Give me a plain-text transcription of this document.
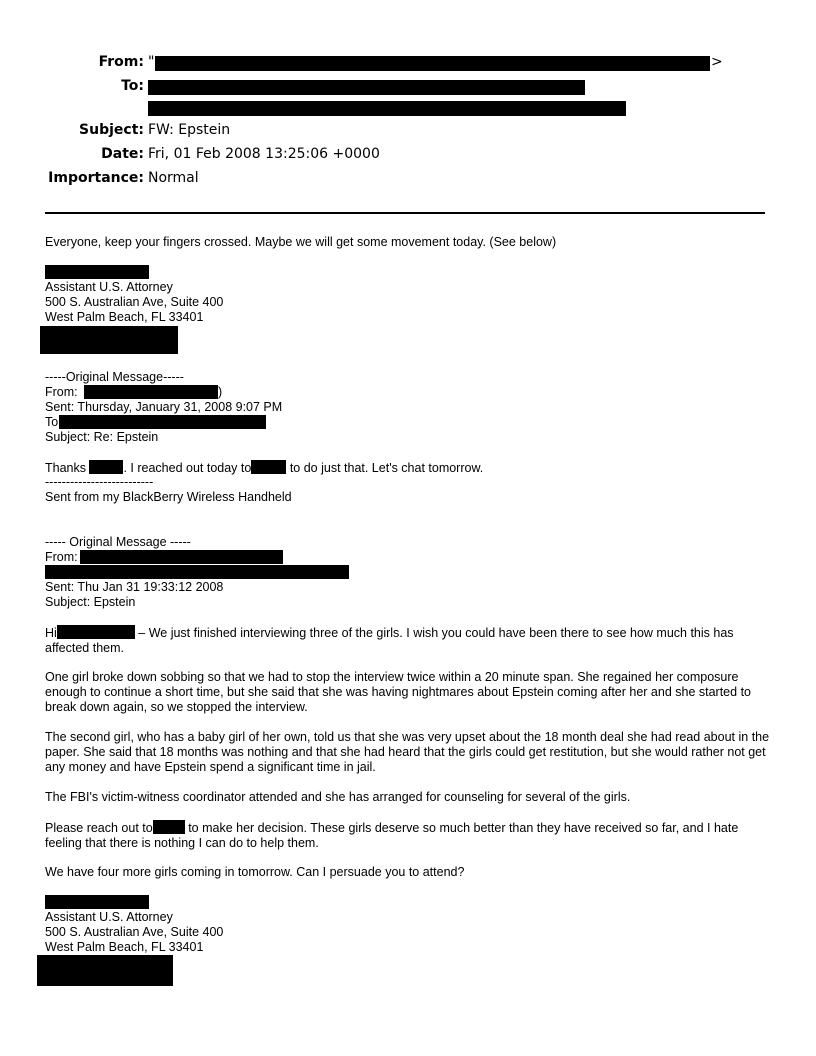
From: "	>
To:
Subject: FW: Epstein
Date: Fri, 01 Feb 2008 13:25:06 +0000
Importance: Normal
Everyone, keep your fingers crossed. Maybe we will get some movement today. (See below)
Assistant U.S. Attorney
500 S. Australian Ave, Suite 400
West Palm Beach, FL 33401
-----Original Message-----
From:	)
Sent: Thursday, January 31, 2008 9:07 PM
To
Subject: Re: Epstein
Thanks	. I reached out today to	to do just that. Let's chat tomorrow.
--------------------------
Sent from my BlackBerry Wireless Handheld
----- Original Message -----
From:
Sent: Thu Jan 31 19:33:12 2008
Subject: Epstein
Hi	– We just finished interviewing three of the girls. I wish you could have been there to see how much this has affected them.
One girl broke down sobbing so that we had to stop the interview twice within a 20 minute span. She regained her composure enough to continue a short time, but she said that she was having nightmares about Epstein coming after her and she started to break down again, so we stopped the interview.
The second girl, who has a baby girl of her own, told us that she was very upset about the 18 month deal she had read about in the paper. She said that 18 months was nothing and that she had heard that the girls could get restitution, but she would rather not get any money and have Epstein spend a significant time in jail.
The FBI's victim-witness coordinator attended and she has arranged for counseling for several of the girls.
Please reach out to	to make her decision. These girls deserve so much better than they have received so far, and I hate feeling that there is nothing I can do to help them.
We have four more girls coming in tomorrow. Can I persuade you to attend?
Assistant U.S. Attorney
500 S. Australian Ave, Suite 400
West Palm Beach, FL 33401
